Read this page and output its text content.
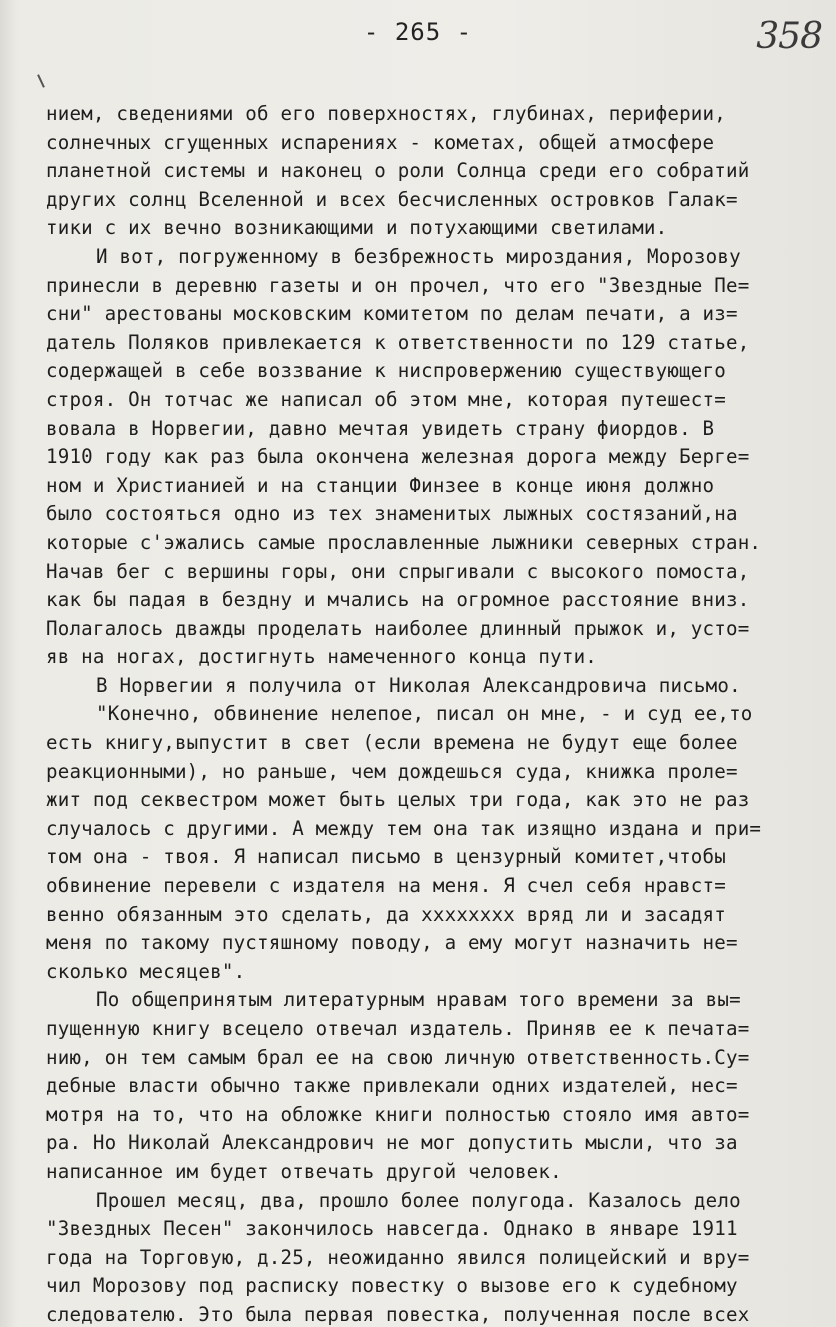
- 265 -	358
нием, сведениями об его поверхностях, глубинах, периферии,
солнечных сгущенных испарениях - кометах, общей атмосфере
планетной системы и наконец о роли Солнца среди его собратий
других солнц Вселенной и всех бесчисленных островков Галак=
тики с их вечно возникающими и потухающими светилами.
И вот, погруженному в безбрежность мироздания, Морозову
принесли в деревню газеты и он прочел, что его "Звездные Пе=
сни" арестованы московским комитетом по делам печати, а из=
датель Поляков привлекается к ответственности по 129 статье,
содержащей в себе воззвание к ниспровержению существующего
строя. Он тотчас же написал об этом мне, которая путешест=
вовала в Норвегии, давно мечтая увидеть страну фиордов. В
1910 году как раз была окончена железная дорога между Берге=
ном и Христианией и на станции Финзее в конце июня должно
было состояться одно из тех знаменитых лыжных состязаний,на
которые с'эжались самые прославленные лыжники северных стран.
Начав бег с вершины горы, они спрыгивали с высокого помоста,
как бы падая в бездну и мчались на огромное расстояние вниз.
Полагалось дважды проделать наиболее длинный прыжок и, усто=
яв на ногах, достигнуть намеченного конца пути.
В Норвегии я получила от Николая Александровича письмо.
"Конечно, обвинение нелепое, писал он мне, - и суд ее,то
есть книгу,выпустит в свет (если времена не будут еще более
реакционными), но раньше, чем дождешься суда, книжка проле=
жит под секвестром может быть целых три года, как это не раз
случалось с другими. А между тем она так изящно издана и при=
том она - твоя. Я написал письмо в цензурный комитет,чтобы
обвинение перевели с издателя на меня. Я счел себя нравст=
венно обязанным это сделать, да хххххххх вряд ли и засадят
меня по такому пустяшному поводу, а ему могут назначить не=
сколько месяцев".
По общепринятым литературным нравам того времени за вы=
пущенную книгу всецело отвечал издатель. Приняв ее к печата=
нию, он тем самым брал ее на свою личную ответственность.Су=
дебные власти обычно также привлекали одних издателей, нес=
мотря на то, что на обложке книги полностью стояло имя авто=
ра. Но Николай Александрович не мог допустить мысли, что за
написанное им будет отвечать другой человек.
Прошел месяц, два, прошло более полугода. Казалось дело
"Звездных Песен" закончилось навсегда. Однако в январе 1911
года на Торговую, д.25, неожиданно явился полицейский и вру=
чил Морозову под расписку повестку о вызове его к судебному
следователю. Это была первая повестка, полученная после всех
